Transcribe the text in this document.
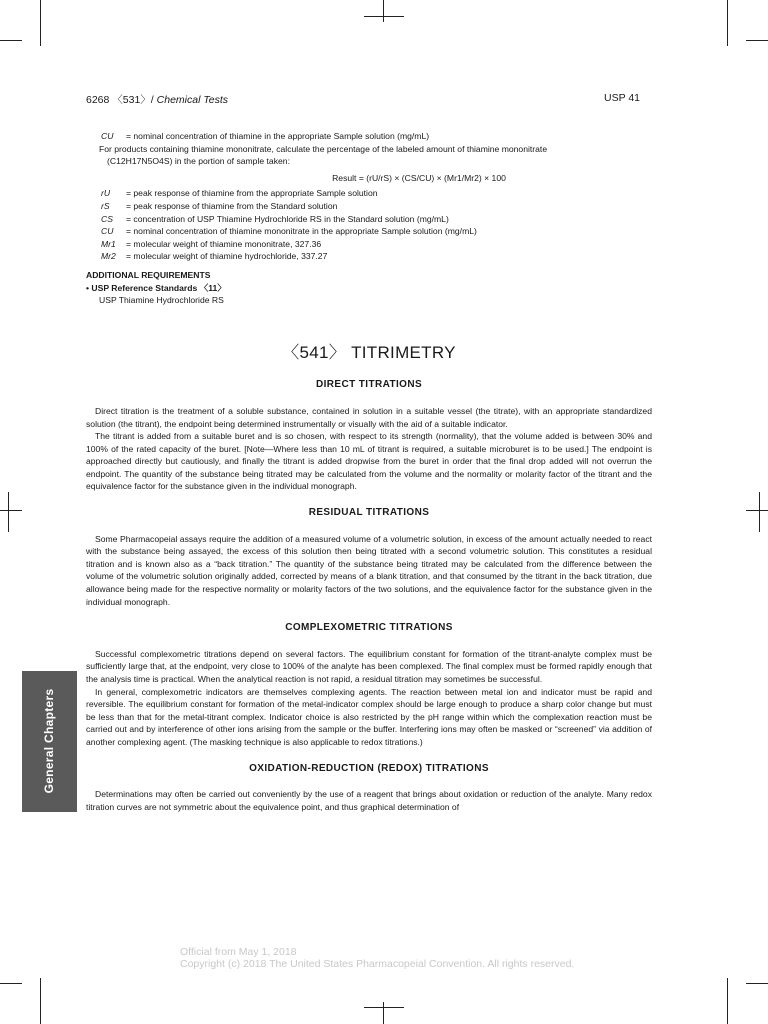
6268 〈531〉/ Chemical Tests	USP 41
CU	= nominal concentration of thiamine in the appropriate Sample solution (mg/mL)

For products containing thiamine mononitrate, calculate the percentage of the labeled amount of thiamine mononitrate

(C12H17N5O4S) in the portion of sample taken:

Result = (rU/rS) × (CS/CU) × (Mr1/Mr2) × 100
rU	= peak response of thiamine from the appropriate Sample solution
rS	= peak response of thiamine from the Standard solution
CS	= concentration of USP Thiamine Hydrochloride RS in the Standard solution (mg/mL)
CU	= nominal concentration of thiamine mononitrate in the appropriate Sample solution (mg/mL)
Mr1	= molecular weight of thiamine mononitrate, 327.36
Mr2	= molecular weight of thiamine hydrochloride, 337.27
ADDITIONAL REQUIREMENTS
• USP Reference Standards 〈11〉
USP Thiamine Hydrochloride RS
〈541〉 TITRIMETRY
DIRECT TITRATIONS

Direct titration is the treatment of a soluble substance, contained in solution in a suitable vessel (the titrate), with an appropriate standardized solution (the titrant), the endpoint being determined instrumentally or visually with the aid of a suitable indicator.

The titrant is added from a suitable buret and is so chosen, with respect to its strength (normality), that the volume added is between 30% and 100% of the rated capacity of the buret. [Note—Where less than 10 mL of titrant is required, a suitable microburet is to be used.] The endpoint is approached directly but cautiously, and finally the titrant is added dropwise from the buret in order that the final drop added will not overrun the endpoint. The quantity of the substance being titrated may be calculated from the volume and the normality or molarity factor of the titrant and the equivalence factor for the substance given in the individual monograph.

RESIDUAL TITRATIONS

Some Pharmacopeial assays require the addition of a measured volume of a volumetric solution, in excess of the amount actually needed to react with the substance being assayed, the excess of this solution then being titrated with a second volumetric solution. This constitutes a residual titration and is known also as a “back titration.” The quantity of the substance being titrated may be calculated from the difference between the volume of the volumetric solution originally added, corrected by means of a blank titration, and that consumed by the titrant in the back titration, due allowance being made for the respective normality or molarity factors of the two solutions, and the equivalence factor for the substance given in the individual monograph.

COMPLEXOMETRIC TITRATIONS

Successful complexometric titrations depend on several factors. The equilibrium constant for formation of the titrant-analyte complex must be sufficiently large that, at the endpoint, very close to 100% of the analyte has been complexed. The final complex must be formed rapidly enough that the analysis time is practical. When the analytical reaction is not rapid, a residual titration may sometimes be successful.

In general, complexometric indicators are themselves complexing agents. The reaction between metal ion and indicator must be rapid and reversible. The equilibrium constant for formation of the metal-indicator complex should be large enough to produce a sharp color change but must be less than that for the metal-titrant complex. Indicator choice is also restricted by the pH range within which the complexation reaction must be carried out and by interference of other ions arising from the sample or the buffer. Interfering ions may often be masked or “screened” via addition of another complexing agent. (The masking technique is also applicable to redox titrations.)

OXIDATION-REDUCTION (REDOX) TITRATIONS

Determinations may often be carried out conveniently by the use of a reagent that brings about oxidation or reduction of the analyte. Many redox titration curves are not symmetric about the equivalence point, and thus graphical determination of

General Chapters
Official from May 1, 2018
Copyright (c) 2018 The United States Pharmacopeial Convention. All rights reserved.
